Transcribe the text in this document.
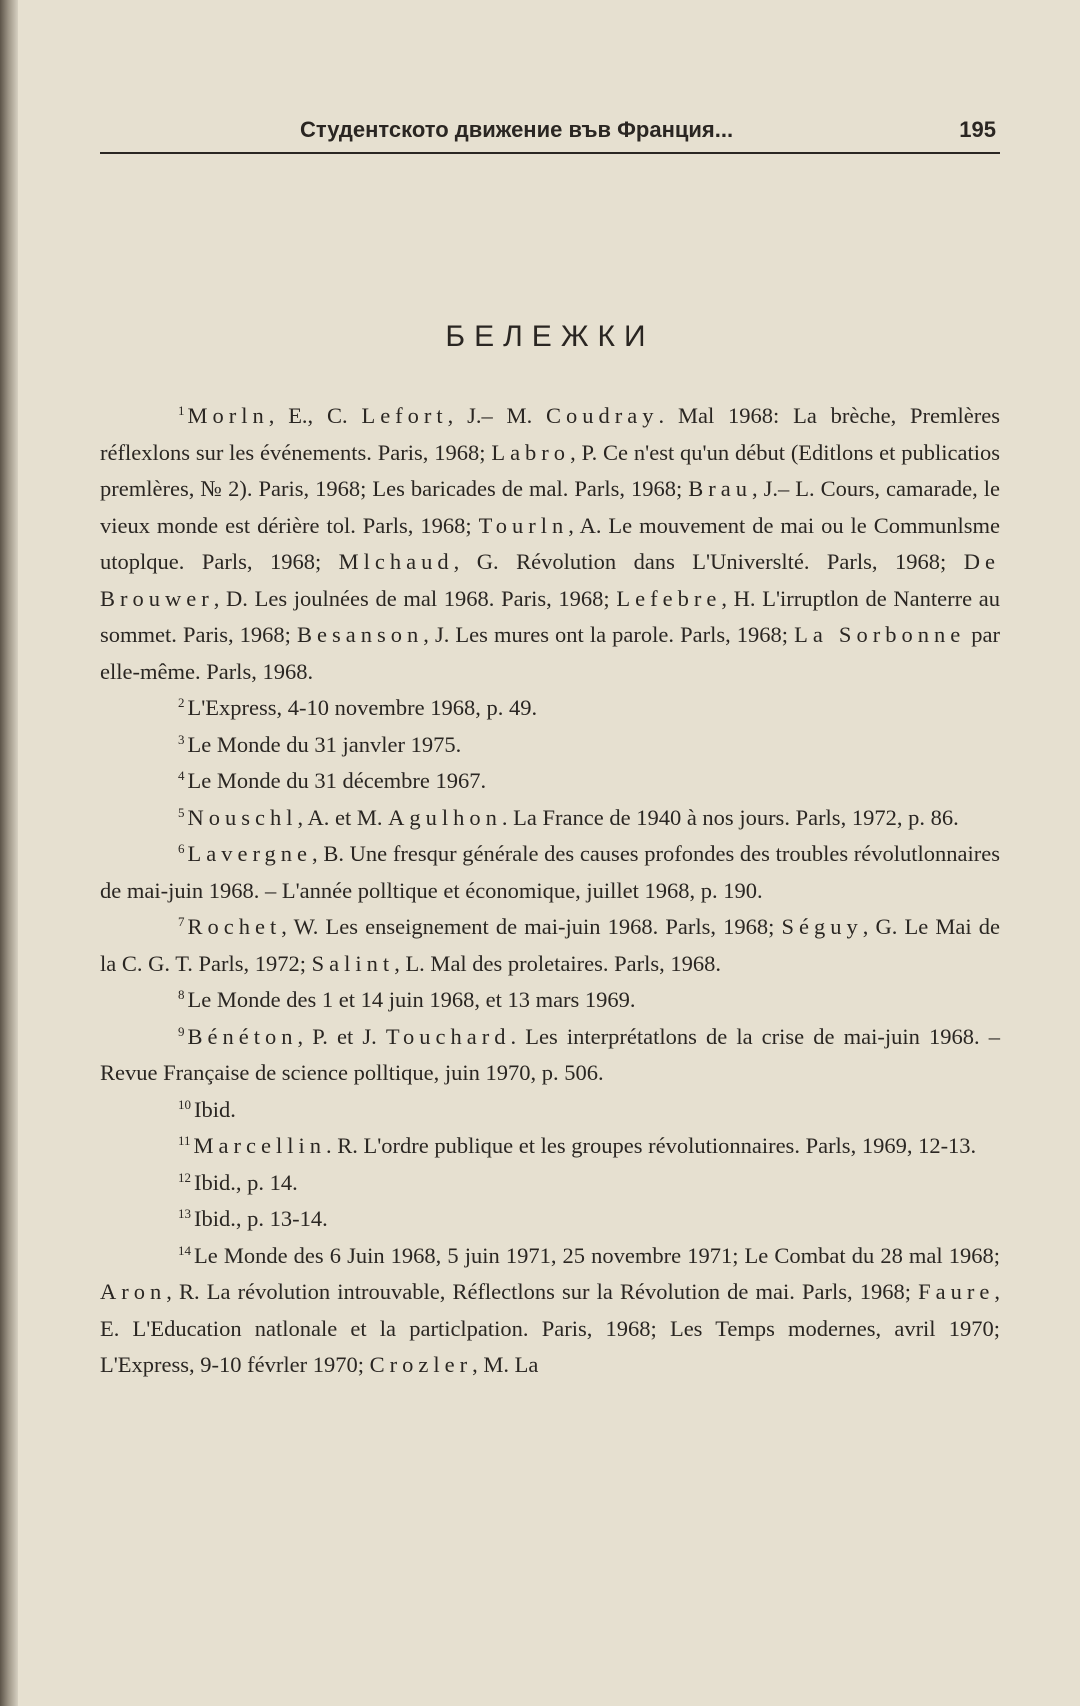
Студентското движение във Франция...	195
БЕЛЕЖКИ

$^1$ Morln, E., C. Lefort, J.– M. Coudray. Mal 1968: La brèche, Premlères réflexlons sur les événements. Paris, 1968; Labro, P. Ce n'est qu'un début (Editlons et publicatios premlères, № 2). Paris, 1968; Les baricades de mal. Parls, 1968; Brau, J.– L. Cours, camarade, le vieux monde est dérière tol. Parls, 1968; Tourln, A. Le mouvement de mai ou le Communlsme utoplque. Parls, 1968; Mlchaud, G. Révolution dans L'Universlté. Parls, 1968; De Brouwer, D. Les joulnées de mal 1968. Paris, 1968; Lefebre, H. L'irruptlon de Nanterre au sommet. Paris, 1968; Besanson, J. Les mures ont la parole. Parls, 1968; La Sorbonne par elle-même. Parls, 1968.

$^2$ L'Express, 4-10 novembre 1968, p. 49.

$^3$ Le Monde du 31 janvler 1975.

$^4$ Le Monde du 31 décembre 1967.

$^5$ Nouschl, A. et M. Agulhon. La France de 1940 à nos jours. Parls, 1972, p. 86.

$^6$ Lavergne, B. Une fresqur générale des causes profondes des troubles révolutlonnaires de mai-juin 1968. – L'année polltique et économique, juillet 1968, p. 190.

$^7$ Rochet, W. Les enseignement de mai-juin 1968. Parls, 1968; Séguy, G. Le Mai de la C. G. T. Parls, 1972; Salint, L. Mal des proletaires. Parls, 1968.

$^8$ Le Monde des 1 et 14 juin 1968, et 13 mars 1969.

$^9$ Bénéton, P. et J. Touchard. Les interprétatlons de la crise de mai-juin 1968. – Revue Française de science polltique, juin 1970, p. 506.

$^{10}$ Ibid.

$^{11}$ Marcellin. R. L'ordre publique et les groupes révolutionnaires. Parls, 1969, 12-13.

$^{12}$ Ibid., p. 14.

$^{13}$ Ibid., p. 13-14.

$^{14}$ Le Monde des 6 Juin 1968, 5 juin 1971, 25 novembre 1971; Le Combat du 28 mal 1968; Aron, R. La révolution introuvable, Réflectlons sur la Révolution de mai. Parls, 1968; Faure, E. L'Education natlonale et la particlpation. Paris, 1968; Les Temps modernes, avril 1970; L'Express, 9-10 févrler 1970; Crozler, M. La
